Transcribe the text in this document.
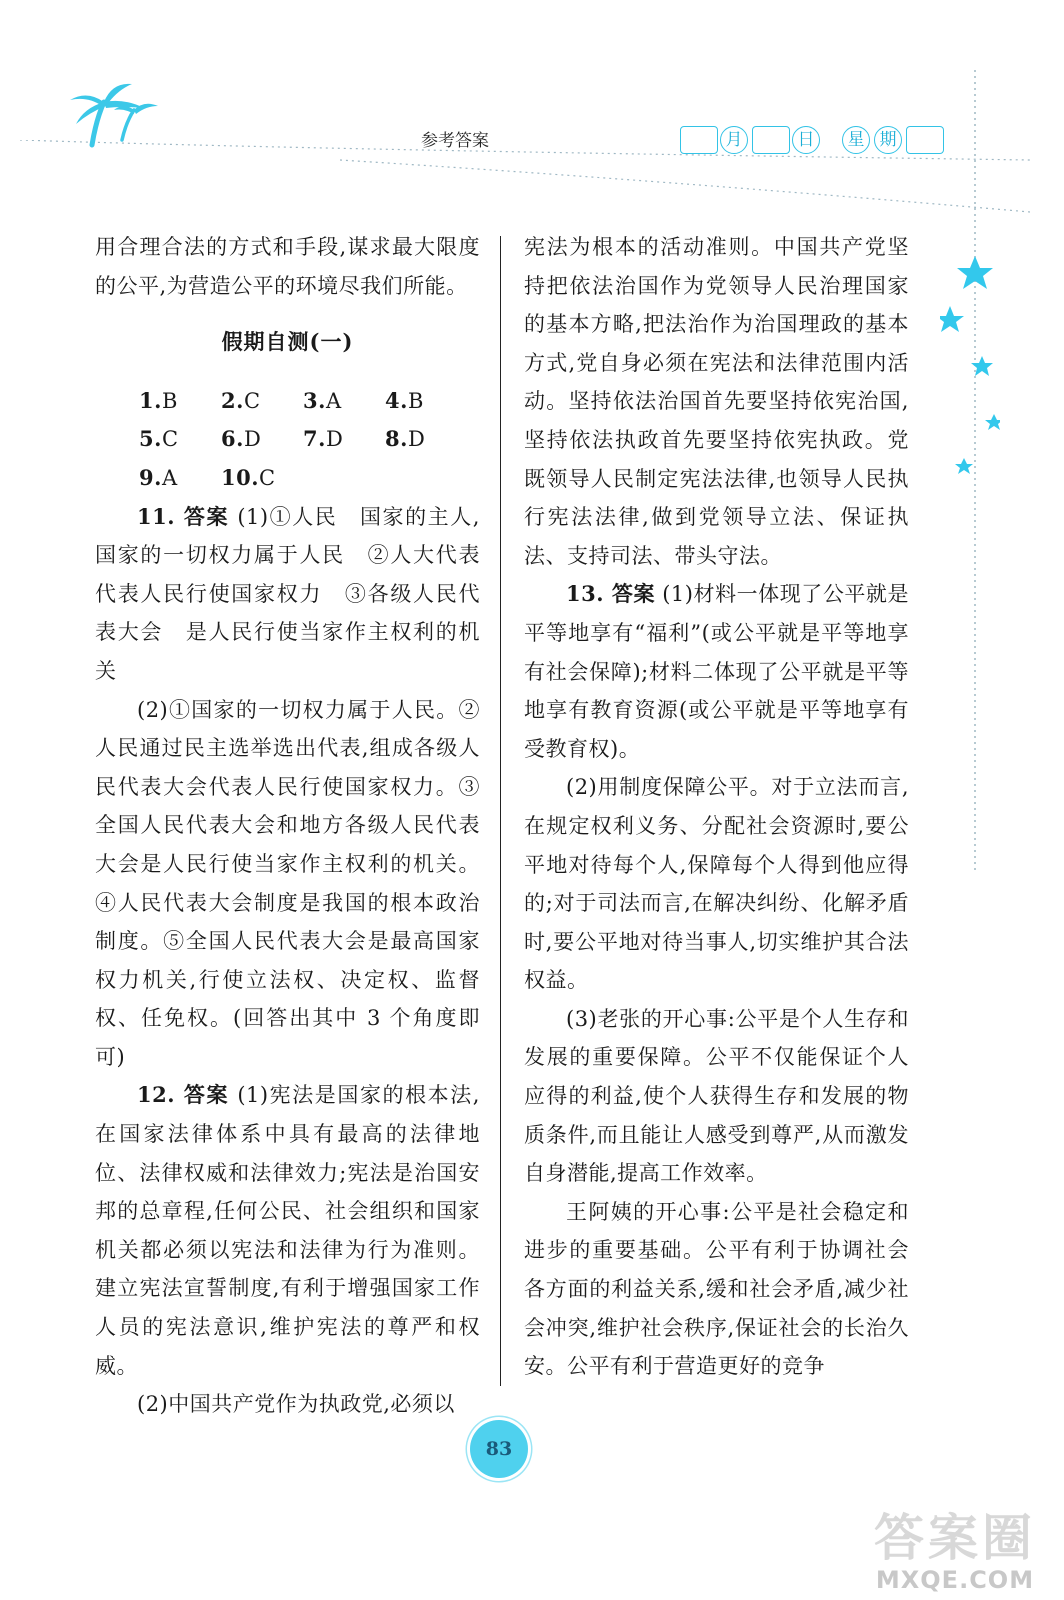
参考答案	月	日	星 期

用合理合法的方式和手段,谋求最大限度的公平,为营造公平的环境尽我们所能。

假期自测(一)

1.B	2.C	3.A	4.B
5.C	6.D	7.D	8.D
9.A	10.C

11. 答案 (1)①人民　国家的主人,国家的一切权力属于人民　②人大代表　代表人民行使国家权力　③各级人民代表大会　是人民行使当家作主权利的机关

(2)①国家的一切权力属于人民。②人民通过民主选举选出代表,组成各级人民代表大会代表人民行使国家权力。③全国人民代表大会和地方各级人民代表大会是人民行使当家作主权利的机关。④人民代表大会制度是我国的根本政治制度。⑤全国人民代表大会是最高国家权力机关,行使立法权、决定权、监督权、任免权。(回答出其中 3 个角度即可)

12. 答案 (1)宪法是国家的根本法,在国家法律体系中具有最高的法律地位、法律权威和法律效力;宪法是治国安邦的总章程,任何公民、社会组织和国家机关都必须以宪法和法律为行为准则。建立宪法宣誓制度,有利于增强国家工作人员的宪法意识,维护宪法的尊严和权威。

(2)中国共产党作为执政党,必须以

宪法为根本的活动准则。中国共产党坚持把依法治国作为党领导人民治理国家的基本方略,把法治作为治国理政的基本方式,党自身必须在宪法和法律范围内活动。坚持依法治国首先要坚持依宪治国,坚持依法执政首先要坚持依宪执政。党既领导人民制定宪法法律,也领导人民执行宪法法律,做到党领导立法、保证执法、支持司法、带头守法。

13. 答案 (1)材料一体现了公平就是平等地享有“福利”(或公平就是平等地享有社会保障);材料二体现了公平就是平等地享有教育资源(或公平就是平等地享有受教育权)。

(2)用制度保障公平。对于立法而言,在规定权利义务、分配社会资源时,要公平地对待每个人,保障每个人得到他应得的;对于司法而言,在解决纠纷、化解矛盾时,要公平地对待当事人,切实维护其合法权益。

(3)老张的开心事:公平是个人生存和发展的重要保障。公平不仅能保证个人应得的利益,使个人获得生存和发展的物质条件,而且能让人感受到尊严,从而激发自身潜能,提高工作效率。

王阿姨的开心事:公平是社会稳定和进步的重要基础。公平有利于协调社会各方面的利益关系,缓和社会矛盾,减少社会冲突,维护社会秩序,保证社会的长治久安。公平有利于营造更好的竞争

83
答案圈
MXQE.COM
